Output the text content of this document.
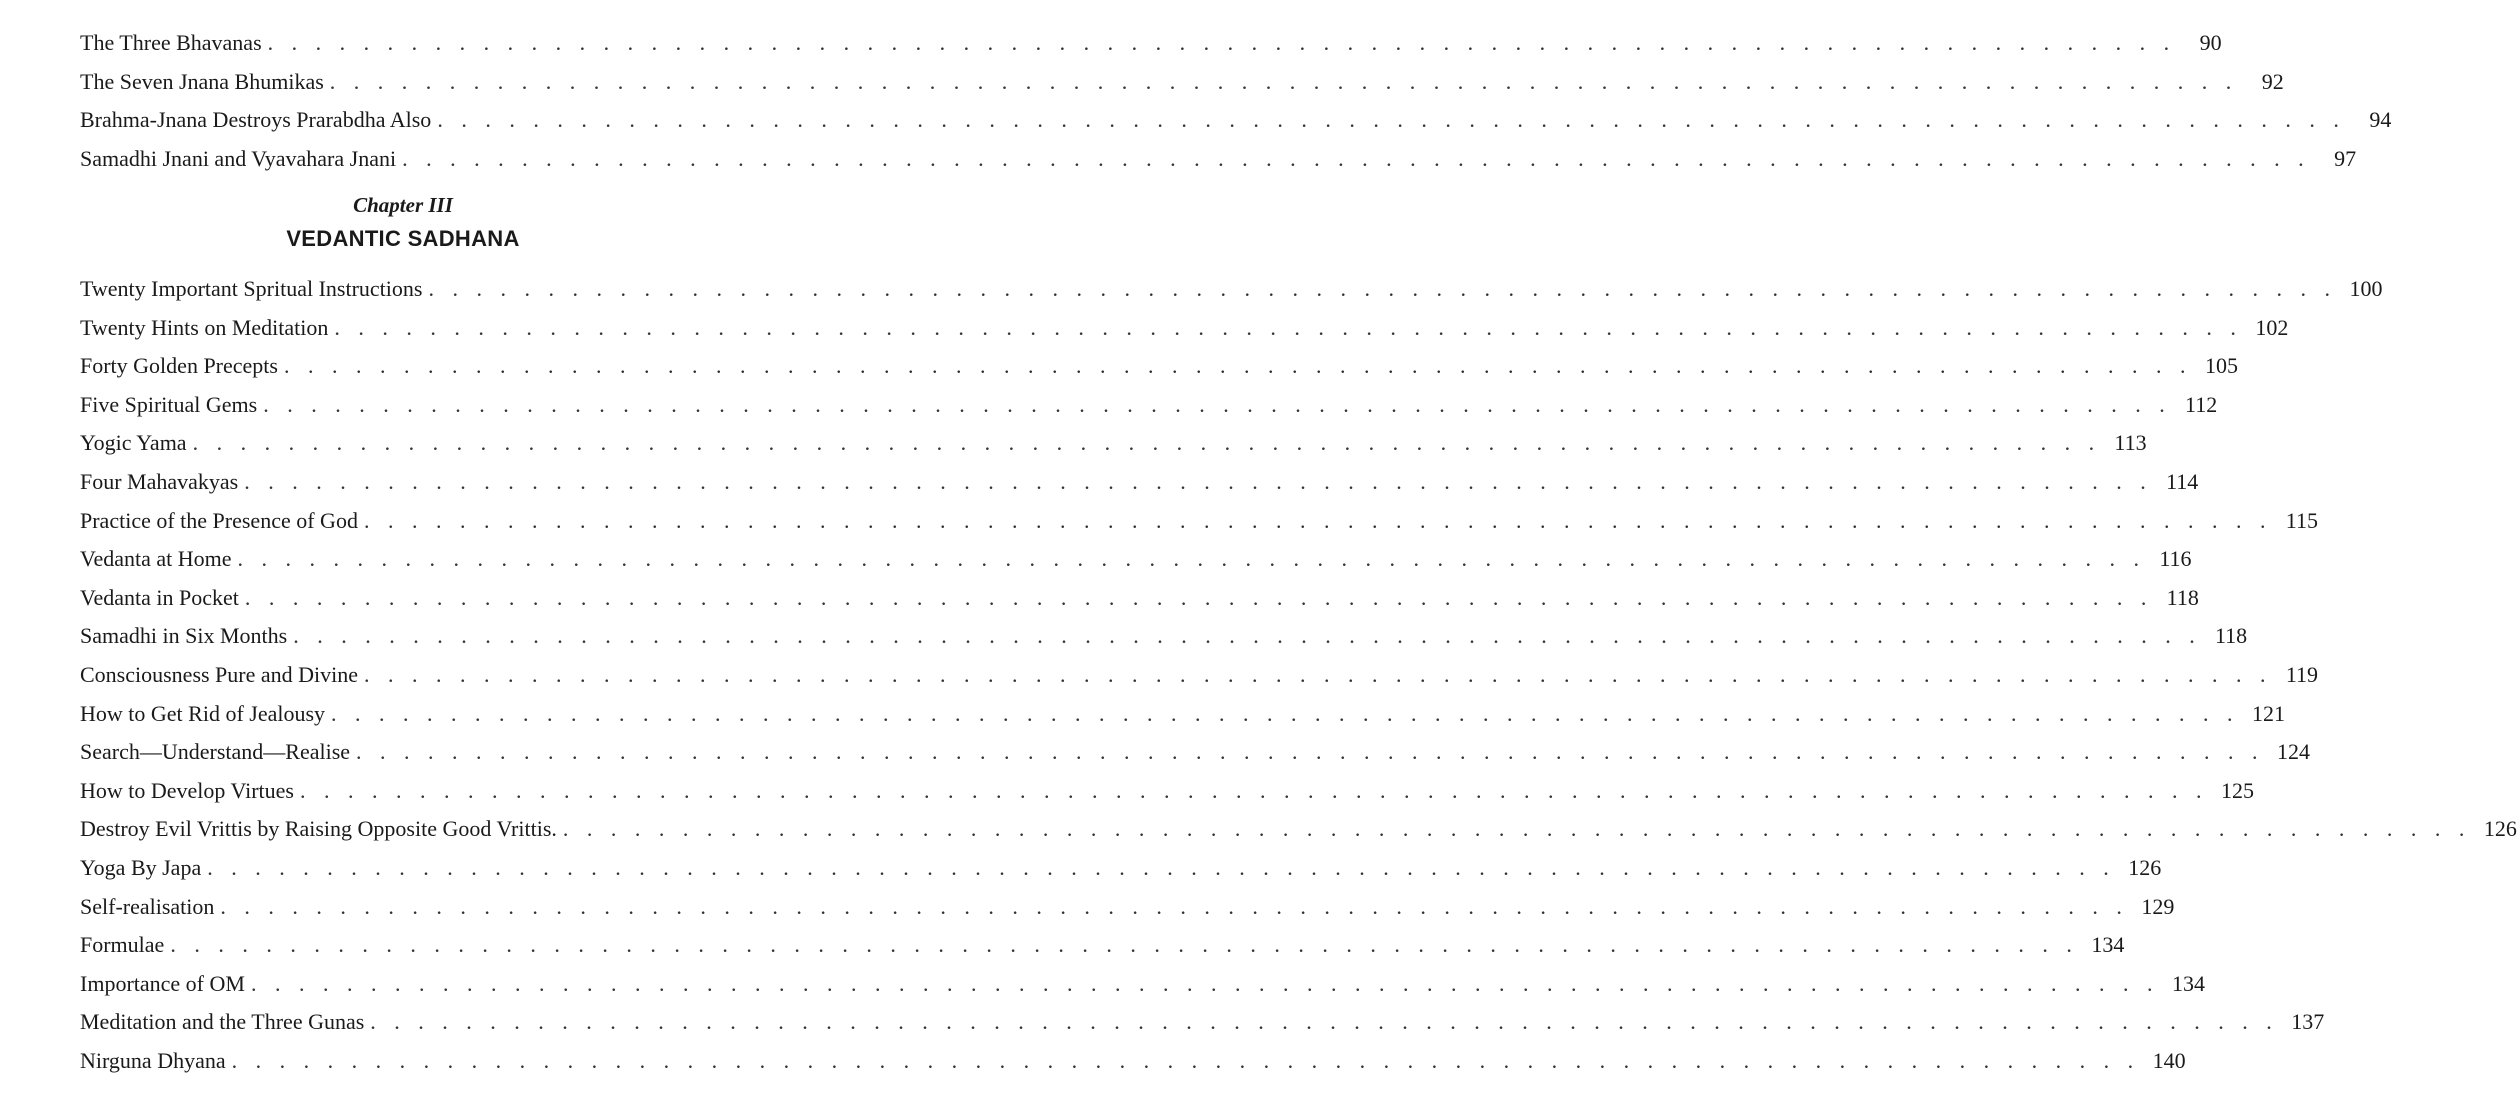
The Three Bhavanas . . . . . . . . . . . . . . . . . . . . . . . . . . . . . . . . . . . . . . . . . . . . . . . . . . . . . . . . . . . . . . . . . . . . . . . . . . . . . . . .	90
The Seven Jnana Bhumikas . . . . . . . . . . . . . . . . . . . . . . . . . . . . . . . . . . . . . . . . . . . . . . . . . . . . . . . . . . . . . . . . . . . . . . . . . . . . . . . .	92
Brahma-Jnana Destroys Prarabdha Also . . . . . . . . . . . . . . . . . . . . . . . . . . . . . . . . . . . . . . . . . . . . . . . . . . . . . . . . . . . . . . . . . . . . . . . . . . . . . . . .	94
Samadhi Jnani and Vyavahara Jnani . . . . . . . . . . . . . . . . . . . . . . . . . . . . . . . . . . . . . . . . . . . . . . . . . . . . . . . . . . . . . . . . . . . . . . . . . . . . . . . .	97
Twenty Important Spritual Instructions . . . . . . . . . . . . . . . . . . . . . . . . . . . . . . . . . . . . . . . . . . . . . . . . . . . . . . . . . . . . . . . . . . . . . . . . . . . . . . . . 100
Twenty Hints on Meditation . . . . . . . . . . . . . . . . . . . . . . . . . . . . . . . . . . . . . . . . . . . . . . . . . . . . . . . . . . . . . . . . . . . . . . . . . . . . . . . . 102
Forty Golden Precepts . . . . . . . . . . . . . . . . . . . . . . . . . . . . . . . . . . . . . . . . . . . . . . . . . . . . . . . . . . . . . . . . . . . . . . . . . . . . . . . . 105
Five Spiritual Gems . . . . . . . . . . . . . . . . . . . . . . . . . . . . . . . . . . . . . . . . . . . . . . . . . . . . . . . . . . . . . . . . . . . . . . . . . . . . . . . . 112
Yogic Yama . . . . . . . . . . . . . . . . . . . . . . . . . . . . . . . . . . . . . . . . . . . . . . . . . . . . . . . . . . . . . . . . . . . . . . . . . . . . . . . . 113
Four Mahavakyas . . . . . . . . . . . . . . . . . . . . . . . . . . . . . . . . . . . . . . . . . . . . . . . . . . . . . . . . . . . . . . . . . . . . . . . . . . . . . . . . 114
Practice of the Presence of God . . . . . . . . . . . . . . . . . . . . . . . . . . . . . . . . . . . . . . . . . . . . . . . . . . . . . . . . . . . . . . . . . . . . . . . . . . . . . . . . 115
Vedanta at Home . . . . . . . . . . . . . . . . . . . . . . . . . . . . . . . . . . . . . . . . . . . . . . . . . . . . . . . . . . . . . . . . . . . . . . . . . . . . . . . . 116
Vedanta in Pocket . . . . . . . . . . . . . . . . . . . . . . . . . . . . . . . . . . . . . . . . . . . . . . . . . . . . . . . . . . . . . . . . . . . . . . . . . . . . . . . . 118
Samadhi in Six Months . . . . . . . . . . . . . . . . . . . . . . . . . . . . . . . . . . . . . . . . . . . . . . . . . . . . . . . . . . . . . . . . . . . . . . . . . . . . . . . . 118
Consciousness Pure and Divine . . . . . . . . . . . . . . . . . . . . . . . . . . . . . . . . . . . . . . . . . . . . . . . . . . . . . . . . . . . . . . . . . . . . . . . . . . . . . . . . 119
How to Get Rid of Jealousy . . . . . . . . . . . . . . . . . . . . . . . . . . . . . . . . . . . . . . . . . . . . . . . . . . . . . . . . . . . . . . . . . . . . . . . . . . . . . . . . 121
Search—Understand—Realise . . . . . . . . . . . . . . . . . . . . . . . . . . . . . . . . . . . . . . . . . . . . . . . . . . . . . . . . . . . . . . . . . . . . . . . . . . . . . . . . 124
How to Develop Virtues . . . . . . . . . . . . . . . . . . . . . . . . . . . . . . . . . . . . . . . . . . . . . . . . . . . . . . . . . . . . . . . . . . . . . . . . . . . . . . . . 125
Destroy Evil Vrittis by Raising Opposite Good Vrittis. . . . . . . . . . . . . . . . . . . . . . . . . . . . . . . . . . . . . . . . . . . . . . . . . . . . . . . . . . . . . . . . . . . . . . . . . . . . . . . . . 126
Yoga By Japa . . . . . . . . . . . . . . . . . . . . . . . . . . . . . . . . . . . . . . . . . . . . . . . . . . . . . . . . . . . . . . . . . . . . . . . . . . . . . . . . 126
Self-realisation . . . . . . . . . . . . . . . . . . . . . . . . . . . . . . . . . . . . . . . . . . . . . . . . . . . . . . . . . . . . . . . . . . . . . . . . . . . . . . . . 129
Formulae . . . . . . . . . . . . . . . . . . . . . . . . . . . . . . . . . . . . . . . . . . . . . . . . . . . . . . . . . . . . . . . . . . . . . . . . . . . . . . . . 134
Importance of OM . . . . . . . . . . . . . . . . . . . . . . . . . . . . . . . . . . . . . . . . . . . . . . . . . . . . . . . . . . . . . . . . . . . . . . . . . . . . . . . . 134
Meditation and the Three Gunas . . . . . . . . . . . . . . . . . . . . . . . . . . . . . . . . . . . . . . . . . . . . . . . . . . . . . . . . . . . . . . . . . . . . . . . . . . . . . . . . 137
Nirguna Dhyana . . . . . . . . . . . . . . . . . . . . . . . . . . . . . . . . . . . . . . . . . . . . . . . . . . . . . . . . . . . . . . . . . . . . . . . . . . . . . . . . 140
Chapter III
VEDANTIC SADHANA
